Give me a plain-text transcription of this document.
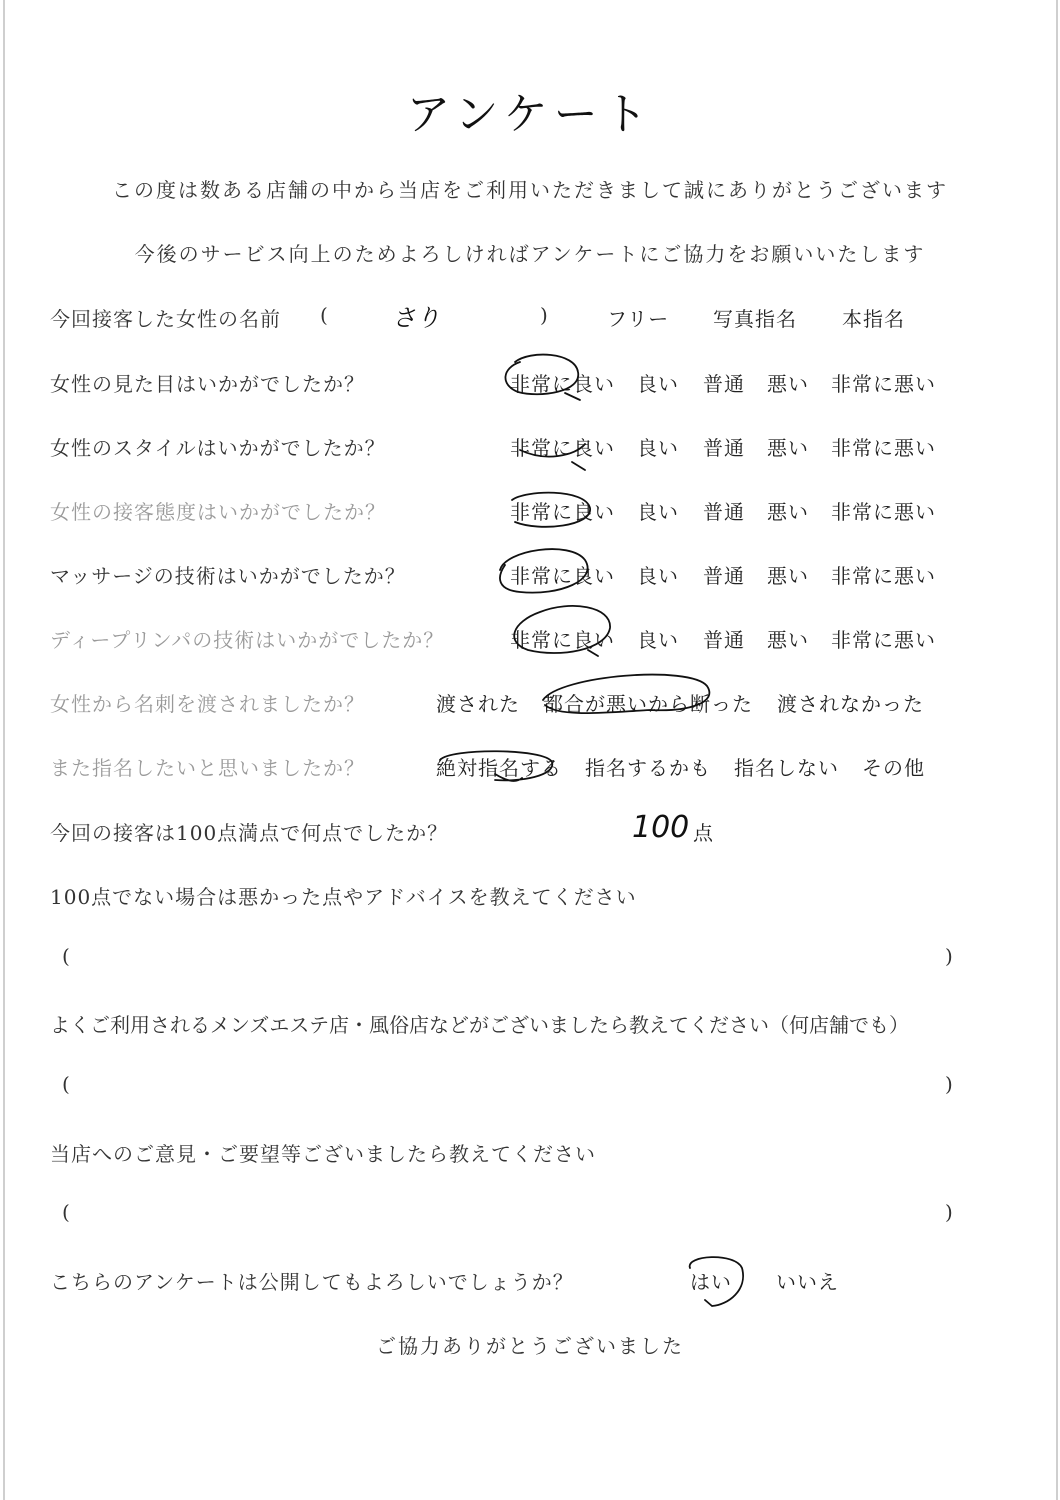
アンケート
この度は数ある店舗の中から当店をご利用いただきまして誠にありがとうございます
今後のサービス向上のためよろしければアンケートにご協力をお願いいたします
今回接客した女性の名前 (	さり	)	フリー 写真指名 本指名
女性の見た目はいかがでしたか？	非常に良い 良い 普通 悪い 非常に悪い
女性のスタイルはいかがでしたか？	非常に良い 良い 普通 悪い 非常に悪い
女性の接客態度はいかがでしたか？	非常に良い 良い 普通 悪い 非常に悪い
マッサージの技術はいかがでしたか？	非常に良い 良い 普通 悪い 非常に悪い
ディープリンパの技術はいかがでしたか？	非常に良い 良い 普通 悪い 非常に悪い
女性から名刺を渡されましたか？	渡された 都合が悪いから断った 渡されなかった
また指名したいと思いましたか？	絶対指名する 指名するかも 指名しない その他
今回の接客は100点満点で何点でしたか？	100 点
100点でない場合は悪かった点やアドバイスを教えてください
(	)
よくご利用されるメンズエステ店・風俗店などがございましたら教えてください（何店舗でも）
(	)
当店へのご意見・ご要望等ございましたら教えてください
(	)
こちらのアンケートは公開してもよろしいでしょうか？	はい いいえ
ご協力ありがとうございました
